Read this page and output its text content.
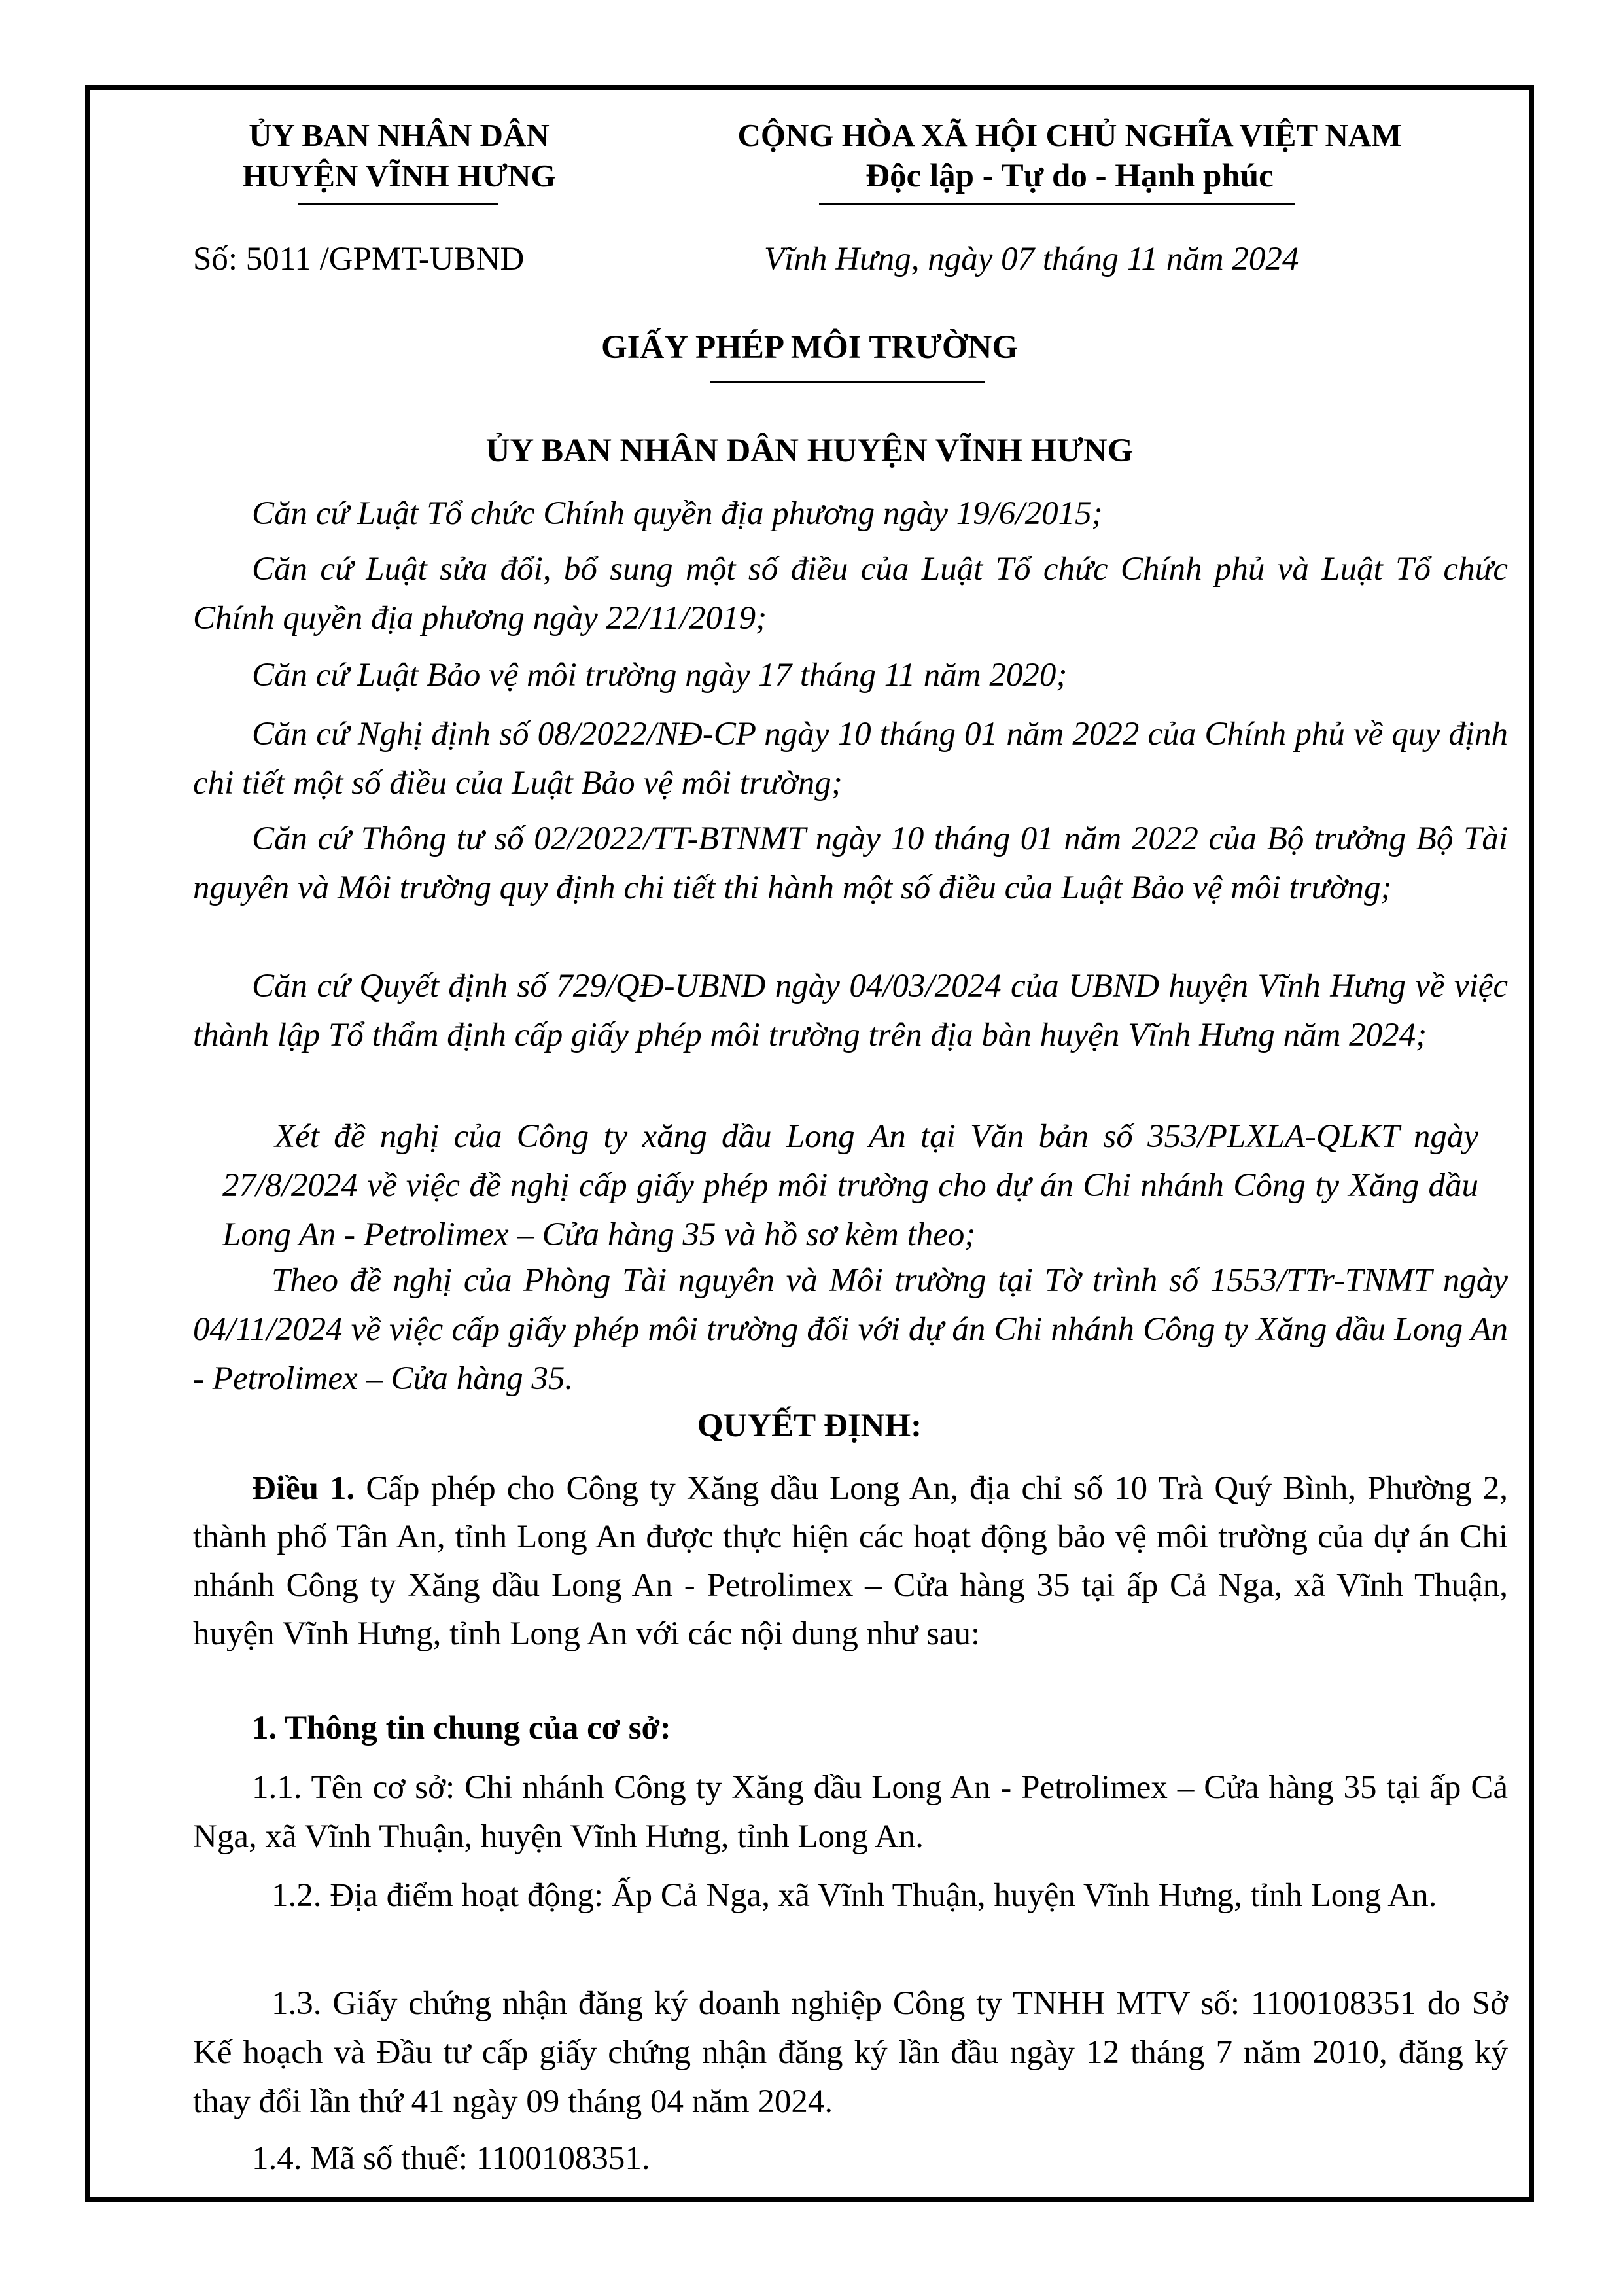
ỦY BAN NHÂN DÂN
HUYỆN VĨNH HƯNG
CỘNG HÒA XÃ HỘI CHỦ NGHĨA VIỆT NAM
Độc lập - Tự do - Hạnh phúc
Số: 5011 /GPMT-UBND	Vĩnh Hưng, ngày 07 tháng 11 năm 2024
GIẤY PHÉP MÔI TRƯỜNG
ỦY BAN NHÂN DÂN HUYỆN VĨNH HƯNG
Căn cứ Luật Tổ chức Chính quyền địa phương ngày 19/6/2015;
Căn cứ Luật sửa đổi, bổ sung một số điều của Luật Tổ chức Chính phủ và Luật Tổ chức Chính quyền địa phương ngày 22/11/2019;
Căn cứ Luật Bảo vệ môi trường ngày 17 tháng 11 năm 2020;
Căn cứ Nghị định số 08/2022/NĐ-CP ngày 10 tháng 01 năm 2022 của Chính phủ về quy định chi tiết một số điều của Luật Bảo vệ môi trường;
Căn cứ Thông tư số 02/2022/TT-BTNMT ngày 10 tháng 01 năm 2022 của Bộ trưởng Bộ Tài nguyên và Môi trường quy định chi tiết thi hành một số điều của Luật Bảo vệ môi trường;
Căn cứ Quyết định số 729/QĐ-UBND ngày 04/03/2024 của UBND huyện Vĩnh Hưng về việc thành lập Tổ thẩm định cấp giấy phép môi trường trên địa bàn huyện Vĩnh Hưng năm 2024;
Xét đề nghị của Công ty xăng dầu Long An tại Văn bản số 353/PLXLA-QLKT ngày 27/8/2024 về việc đề nghị cấp giấy phép môi trường cho dự án Chi nhánh Công ty Xăng dầu Long An - Petrolimex – Cửa hàng 35 và hồ sơ kèm theo;
Theo đề nghị của Phòng Tài nguyên và Môi trường tại Tờ trình số 1553/TTr-TNMT ngày 04/11/2024 về việc cấp giấy phép môi trường đối với dự án Chi nhánh Công ty Xăng dầu Long An - Petrolimex – Cửa hàng 35.
QUYẾT ĐỊNH:
Điều 1. Cấp phép cho Công ty Xăng dầu Long An, địa chỉ số 10 Trà Quý Bình, Phường 2, thành phố Tân An, tỉnh Long An được thực hiện các hoạt động bảo vệ môi trường của dự án Chi nhánh Công ty Xăng dầu Long An - Petrolimex – Cửa hàng 35 tại ấp Cả Nga, xã Vĩnh Thuận, huyện Vĩnh Hưng, tỉnh Long An với các nội dung như sau:
1. Thông tin chung của cơ sở:
1.1. Tên cơ sở: Chi nhánh Công ty Xăng dầu Long An - Petrolimex – Cửa hàng 35 tại ấp Cả Nga, xã Vĩnh Thuận, huyện Vĩnh Hưng, tỉnh Long An.
1.2. Địa điểm hoạt động: Ấp Cả Nga, xã Vĩnh Thuận, huyện Vĩnh Hưng, tỉnh Long An.
1.3. Giấy chứng nhận đăng ký doanh nghiệp Công ty TNHH MTV số: 1100108351 do Sở Kế hoạch và Đầu tư cấp giấy chứng nhận đăng ký lần đầu ngày 12 tháng 7 năm 2010, đăng ký thay đổi lần thứ 41 ngày 09 tháng 04 năm 2024.
1.4. Mã số thuế: 1100108351.
